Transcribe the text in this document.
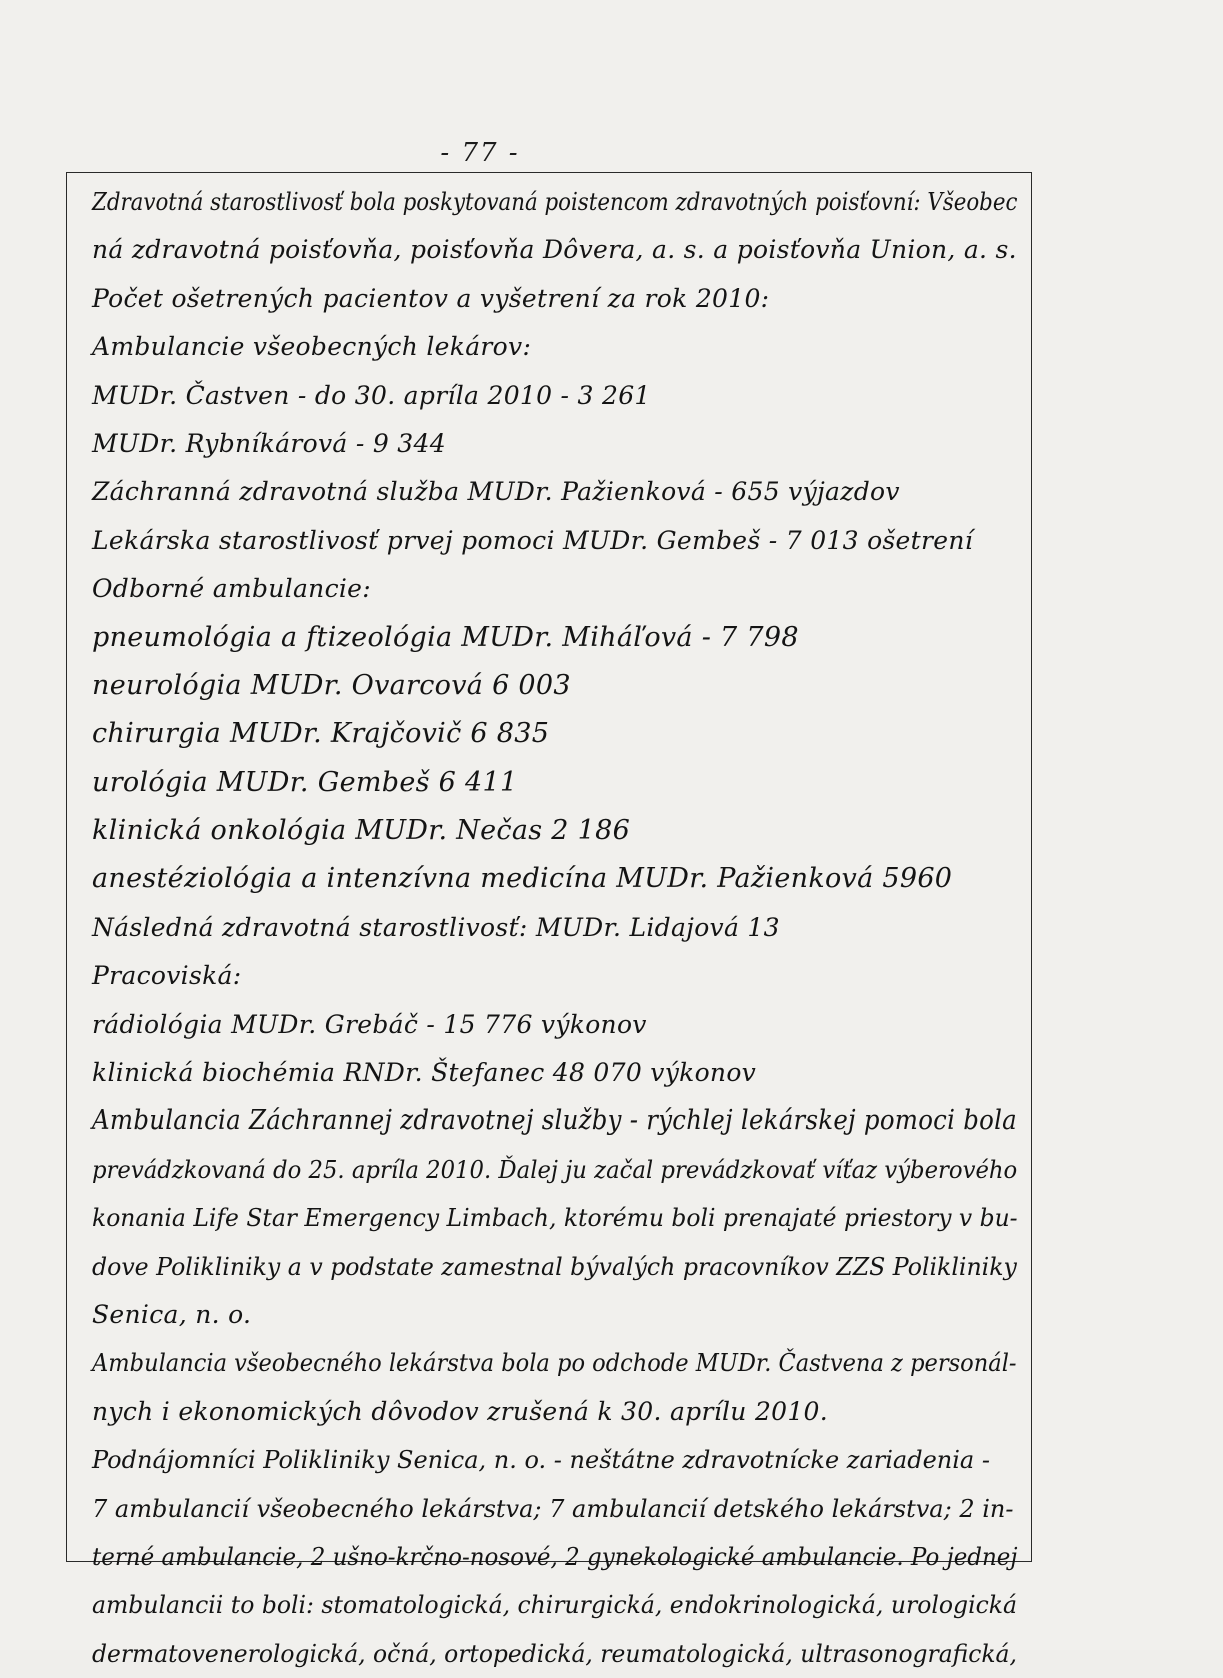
- 77 -
Zdravotná starostlivosť bola poskytovaná poistencom zdravotných poisťovní: Všeobec
ná zdravotná poisťovňa, poisťovňa Dôvera, a. s. a poisťovňa Union, a. s.
Počet ošetrených pacientov a vyšetrení za rok 2010:
Ambulancie všeobecných lekárov:
MUDr. Častven - do 30. apríla 2010 - 3 261
MUDr. Rybníkárová - 9 344
Záchranná zdravotná služba MUDr. Pažienková - 655 výjazdov
Lekárska starostlivosť prvej pomoci MUDr. Gembeš - 7 013 ošetrení
Odborné ambulancie:
pneumológia a ftizeológia MUDr. Miháľová - 7 798
neurológia MUDr. Ovarcová 6 003
chirurgia MUDr. Krajčovič 6 835
urológia MUDr. Gembeš 6 411
klinická onkológia MUDr. Nečas 2 186
anestéziológia a intenzívna medicína MUDr. Pažienková 5960
Následná zdravotná starostlivosť: MUDr. Lidajová 13
Pracoviská:
rádiológia MUDr. Grebáč - 15 776 výkonov
klinická biochémia RNDr. Štefanec 48 070 výkonov
Ambulancia Záchrannej zdravotnej služby - rýchlej lekárskej pomoci bola
prevádzkovaná do 25. apríla 2010. Ďalej ju začal prevádzkovať víťaz výberového
konania Life Star Emergency Limbach, ktorému boli prenajaté priestory v bu-
dove Polikliniky a v podstate zamestnal bývalých pracovníkov ZZS Polikliniky
Senica, n. o.
Ambulancia všeobecného lekárstva bola po odchode MUDr. Častvena z personál-
nych i ekonomických dôvodov zrušená k 30. aprílu 2010.
Podnájomníci Polikliniky Senica, n. o. - neštátne zdravotnícke zariadenia -
7 ambulancií všeobecného lekárstva; 7 ambulancií detského lekárstva; 2 in-
terné ambulancie, 2 ušno-krčno-nosové, 2 gynekologické ambulancie. Po jednej
ambulancii to boli: stomatologická, chirurgická, endokrinologická, urologická
dermatovenerologická, očná, ortopedická, reumatologická, ultrasonografická,
